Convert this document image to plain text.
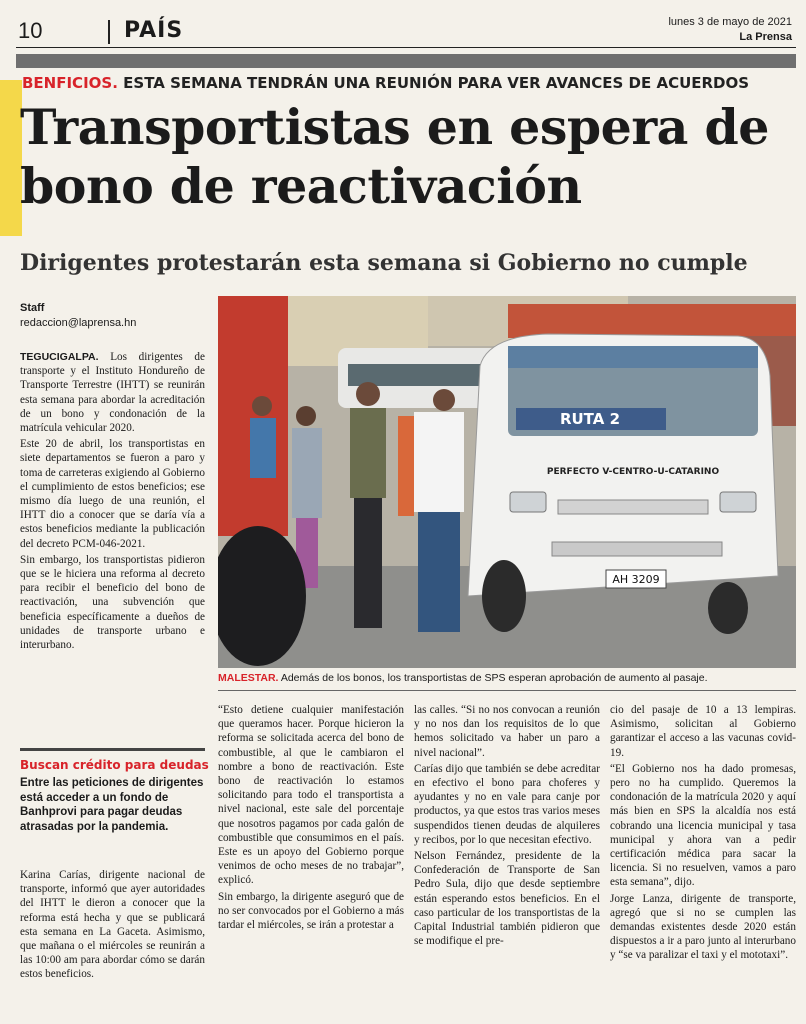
10	PAÍS	lunes 3 de mayo de 2021
La Prensa
BENFICIOS. ESTA SEMANA TENDRÁN UNA REUNIÓN PARA VER AVANCES DE ACUERDOS
Transportistas en espera de bono de reactivación
Dirigentes protestarán esta semana si Gobierno no cumple
Staff
redaccion@laprensa.hn

TEGUCIGALPA. Los dirigentes de transporte y el Instituto Hondureño de Transporte Terrestre (IHTT) se reunirán esta semana para abordar la acreditación de un bono y condonación de la matrícula vehicular 2020.

Este 20 de abril, los transportistas en siete departamentos se fueron a paro y toma de carreteras exigiendo al Gobierno el cumplimiento de estos beneficios; ese mismo día luego de una reunión, el IHTT dio a conocer que se daría vía a estos beneficios mediante la publicación del decreto PCM-046-2021.

Sin embargo, los transportistas pidieron que se le hiciera una reforma al decreto para recibir el beneficio del bono de reactivación, una subvención que beneficia específicamente a dueños de unidades de transporte urbano e interurbano.

Buscan crédito para deudas
Entre las peticiones de dirigentes está acceder a un fondo de Banhprovi para pagar deudas atrasadas por la pandemia.

Karina Carías, dirigente nacional de transporte, informó que ayer autoridades del IHTT le dieron a conocer que la reforma está hecha y que se publicará esta semana en La Gaceta. Asimismo, que mañana o el miércoles se reunirán a las 10:00 am para abordar cómo se darán estos beneficios.

RUTA 2
PERFECTO V-CENTRO-U-CATARINO
AH 3209
MALESTAR. Además de los bonos, los transportistas de SPS esperan aprobación de aumento al pasaje.

“Esto detiene cualquier manifestación que queramos hacer. Porque hicieron la reforma se solicitada acerca del bono de combustible, al que le cambiaron el nombre a bono de reactivación. Este bono de reactivación lo estamos solicitando para todo el transportista a nivel nacional, este sale del porcentaje que nosotros pagamos por cada galón de combustible que consumimos en el país. Este es un apoyo del Gobierno porque venimos de ocho meses de no trabajar”, explicó.

Sin embargo, la dirigente aseguró que de no ser convocados por el Gobierno a más tardar el miércoles, se irán a protestar a

las calles. “Si no nos convocan a reunión y no nos dan los requisitos de lo que hemos solicitado va haber un paro a nivel nacional”.

Carías dijo que también se debe acreditar en efectivo el bono para choferes y ayudantes y no en vale para canje por productos, ya que estos tras varios meses suspendidos tienen deudas de alquileres y recibos, por lo que necesitan efectivo.

Nelson Fernández, presidente de la Confederación de Transporte de San Pedro Sula, dijo que desde septiembre están esperando estos beneficios. En el caso particular de los transportistas de la Capital Industrial también pidieron que se modifique el pre-

cio del pasaje de 10 a 13 lempiras. Asimismo, solicitan al Gobierno garantizar el acceso a las vacunas covid-19.

“El Gobierno nos ha dado promesas, pero no ha cumplido. Queremos la condonación de la matrícula 2020 y aquí más bien en SPS la alcaldía nos está cobrando una licencia municipal y tasa municipal y ahora van a pedir certificación médica para sacar la licencia. Si no resuelven, vamos a paro esta semana”, dijo.

Jorge Lanza, dirigente de transporte, agregó que si no se cumplen las demandas existentes desde 2020 están dispuestos a ir a paro junto al interurbano y “se va paralizar el taxi y el mototaxi”.
